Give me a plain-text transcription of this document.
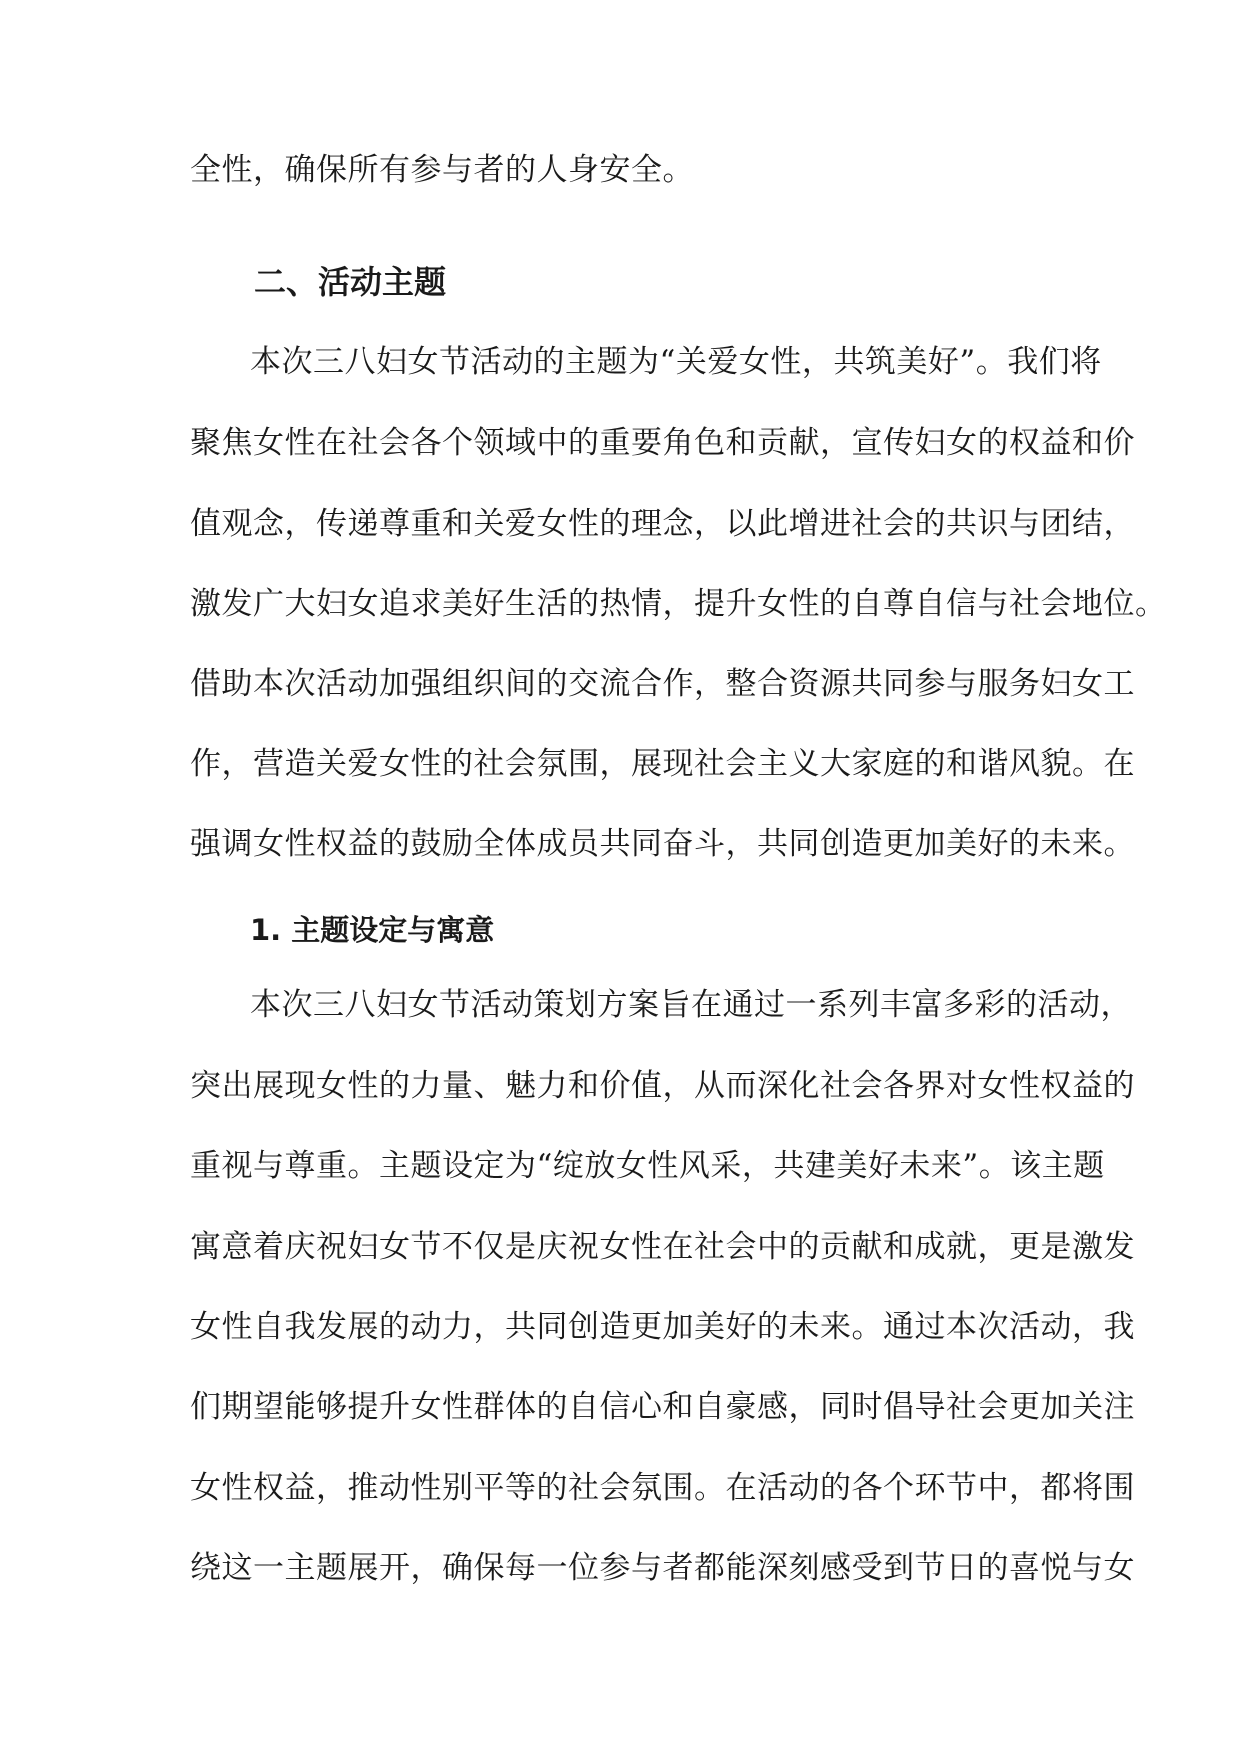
全性，确保所有参与者的人身安全。
二、活动主题
本次三八妇女节活动的主题为“关爱女性，共筑美好”。我们将
聚焦女性在社会各个领域中的重要角色和贡献，宣传妇女的权益和价
值观念，传递尊重和关爱女性的理念，以此增进社会的共识与团结，
激发广大妇女追求美好生活的热情，提升女性的自尊自信与社会地位。
借助本次活动加强组织间的交流合作，整合资源共同参与服务妇女工
作，营造关爱女性的社会氛围，展现社会主义大家庭的和谐风貌。在
强调女性权益的鼓励全体成员共同奋斗，共同创造更加美好的未来。
1. 主题设定与寓意
本次三八妇女节活动策划方案旨在通过一系列丰富多彩的活动，
突出展现女性的力量、魅力和价值，从而深化社会各界对女性权益的
重视与尊重。主题设定为“绽放女性风采，共建美好未来”。该主题
寓意着庆祝妇女节不仅是庆祝女性在社会中的贡献和成就，更是激发
女性自我发展的动力，共同创造更加美好的未来。通过本次活动，我
们期望能够提升女性群体的自信心和自豪感，同时倡导社会更加关注
女性权益，推动性别平等的社会氛围。在活动的各个环节中，都将围
绕这一主题展开，确保每一位参与者都能深刻感受到节日的喜悦与女
